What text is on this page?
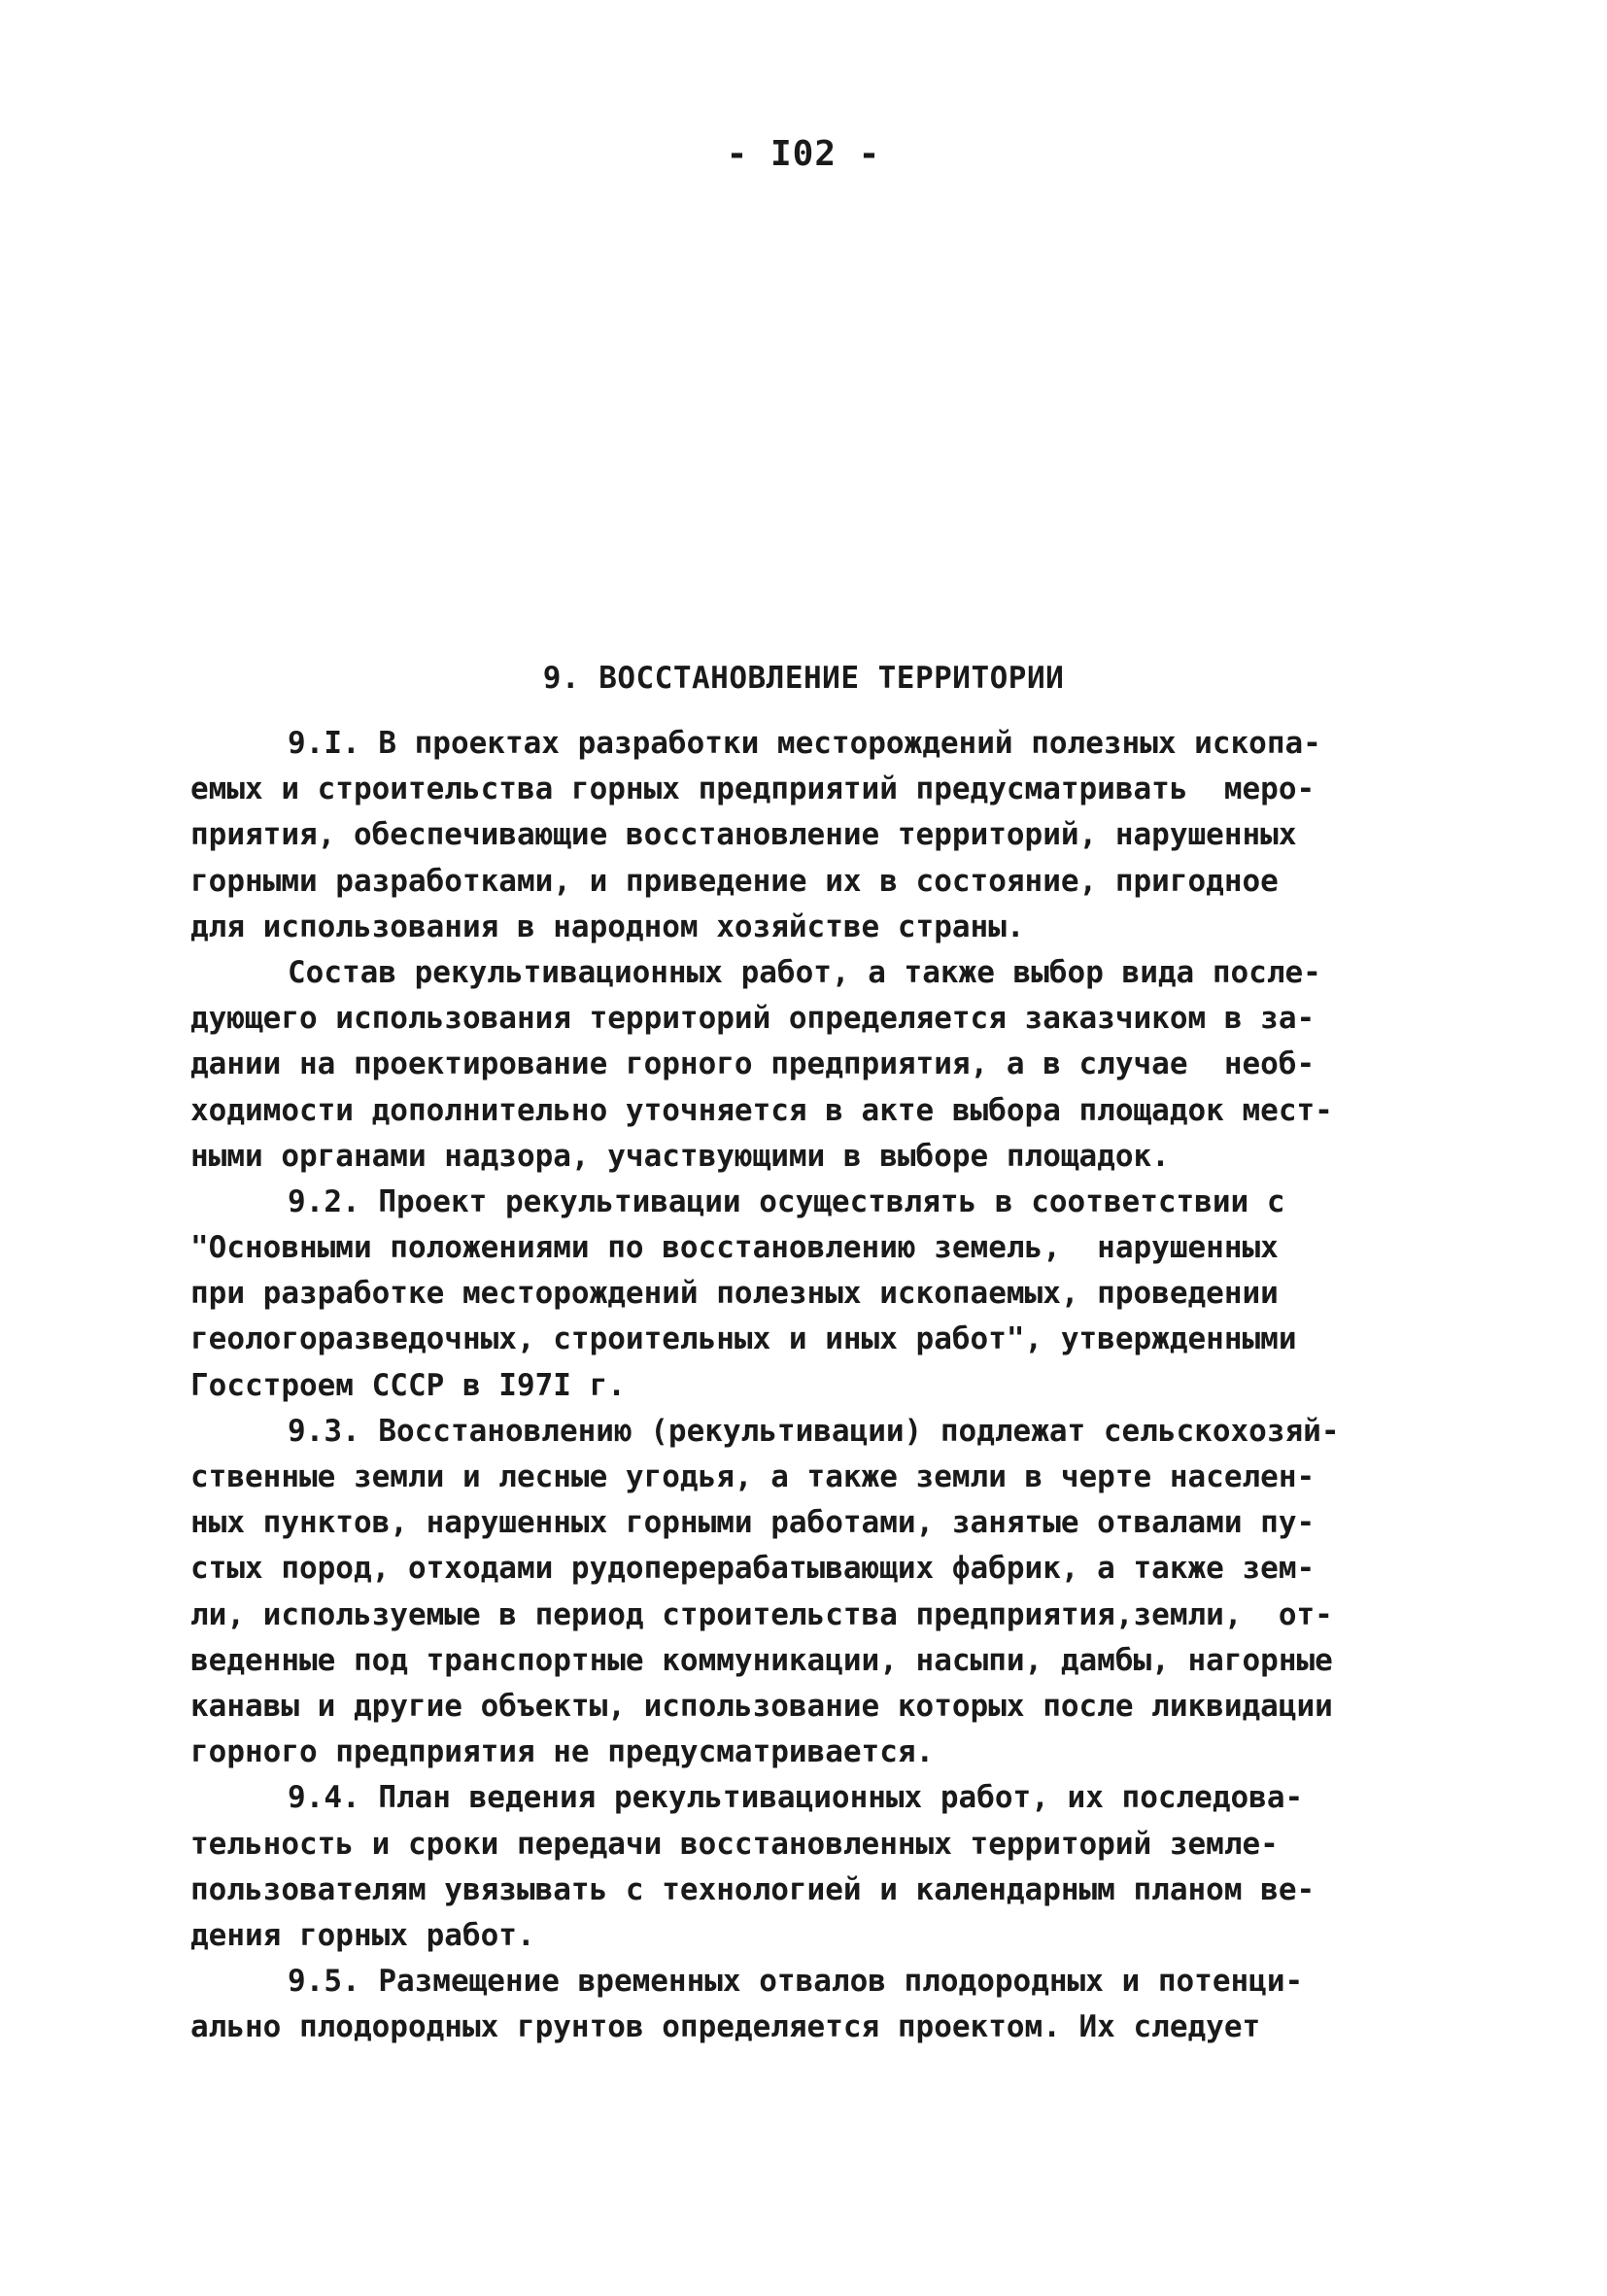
- I02 -
9. ВОССТАНОВЛЕНИЕ ТЕРРИТОРИИ
9.I. В проектах разработки месторождений полезных ископа-
емых и строительства горных предприятий предусматривать  меро-
приятия, обеспечивающие восстановление территорий, нарушенных
горными разработками, и приведение их в состояние, пригодное
для использования в народном хозяйстве страны.
Состав рекультивационных работ, а также выбор вида после-
дующего использования территорий определяется заказчиком в за-
дании на проектирование горного предприятия, а в случае  необ-
ходимости дополнительно уточняется в акте выбора площадок мест-
ными органами надзора, участвующими в выборе площадок.
9.2. Проект рекультивации осуществлять в соответствии с
"Основными положениями по восстановлению земель,  нарушенных
при разработке месторождений полезных ископаемых, проведении
геологоразведочных, строительных и иных работ", утвержденными
Госстроем СССР в I97I г.
9.3. Восстановлению (рекультивации) подлежат сельскохозяй-
ственные земли и лесные угодья, а также земли в черте населен-
ных пунктов, нарушенных горными работами, занятые отвалами пу-
стых пород, отходами рудоперерабатывающих фабрик, а также зем-
ли, используемые в период строительства предприятия,земли,  от-
веденные под транспортные коммуникации, насыпи, дамбы, нагорные
канавы и другие объекты, использование которых после ликвидации
горного предприятия не предусматривается.
9.4. План ведения рекультивационных работ, их последова-
тельность и сроки передачи восстановленных территорий земле-
пользователям увязывать с технологией и календарным планом ве-
дения горных работ.
9.5. Размещение временных отвалов плодородных и потенци-
ально плодородных грунтов определяется проектом. Их следует
